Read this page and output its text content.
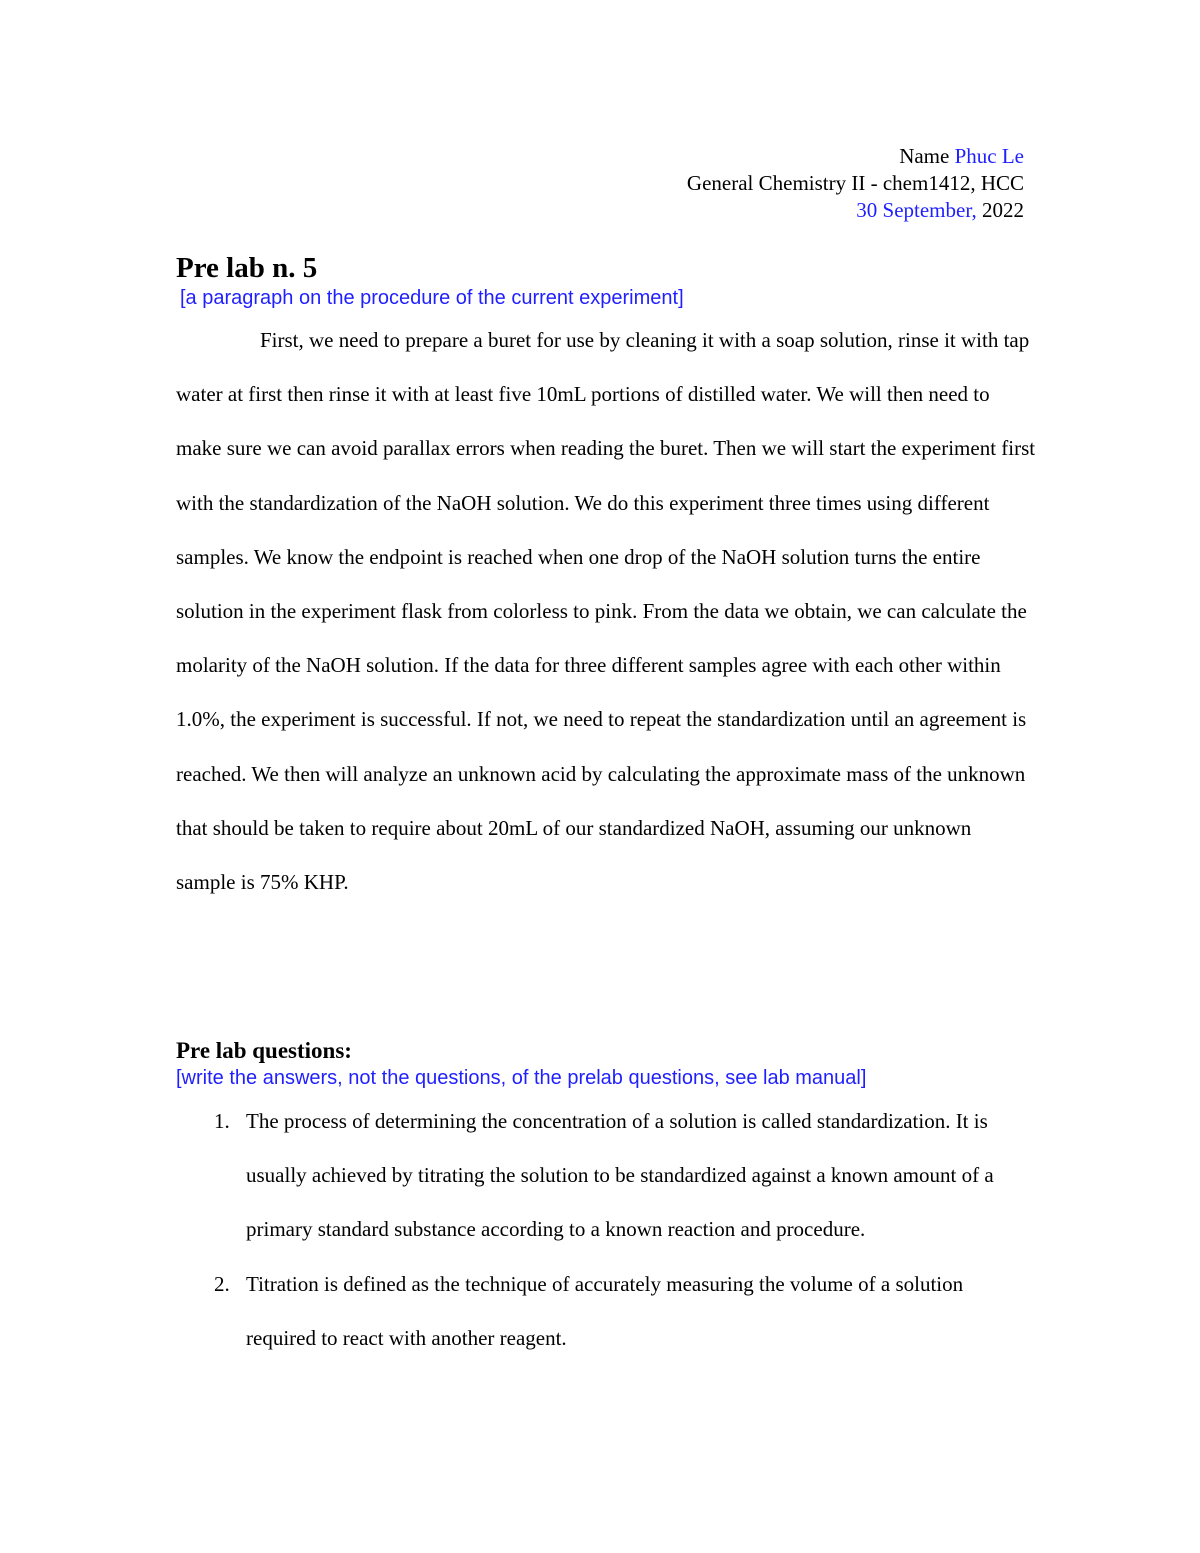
Name Phuc Le
General Chemistry II - chem1412, HCC
30 September, 2022
Pre lab n. 5

[a paragraph on the procedure of the current experiment]

First, we need to prepare a buret for use by cleaning it with a soap solution, rinse it with tap water at first then rinse it with at least five 10mL portions of distilled water. We will then need to make sure we can avoid parallax errors when reading the buret. Then we will start the experiment first with the standardization of the NaOH solution. We do this experiment three times using different samples. We know the endpoint is reached when one drop of the NaOH solution turns the entire solution in the experiment flask from colorless to pink. From the data we obtain, we can calculate the molarity of the NaOH solution. If the data for three different samples agree with each other within 1.0%, the experiment is successful. If not, we need to repeat the standardization until an agreement is reached. We then will analyze an unknown acid by calculating the approximate mass of the unknown that should be taken to require about 20mL of our standardized NaOH, assuming our unknown sample is 75% KHP.

Pre lab questions:

[write the answers, not the questions, of the prelab questions, see lab manual]

1. The process of determining the concentration of a solution is called standardization. It is usually achieved by titrating the solution to be standardized against a known amount of a primary standard substance according to a known reaction and procedure.
2. Titration is defined as the technique of accurately measuring the volume of a solution required to react with another reagent.
